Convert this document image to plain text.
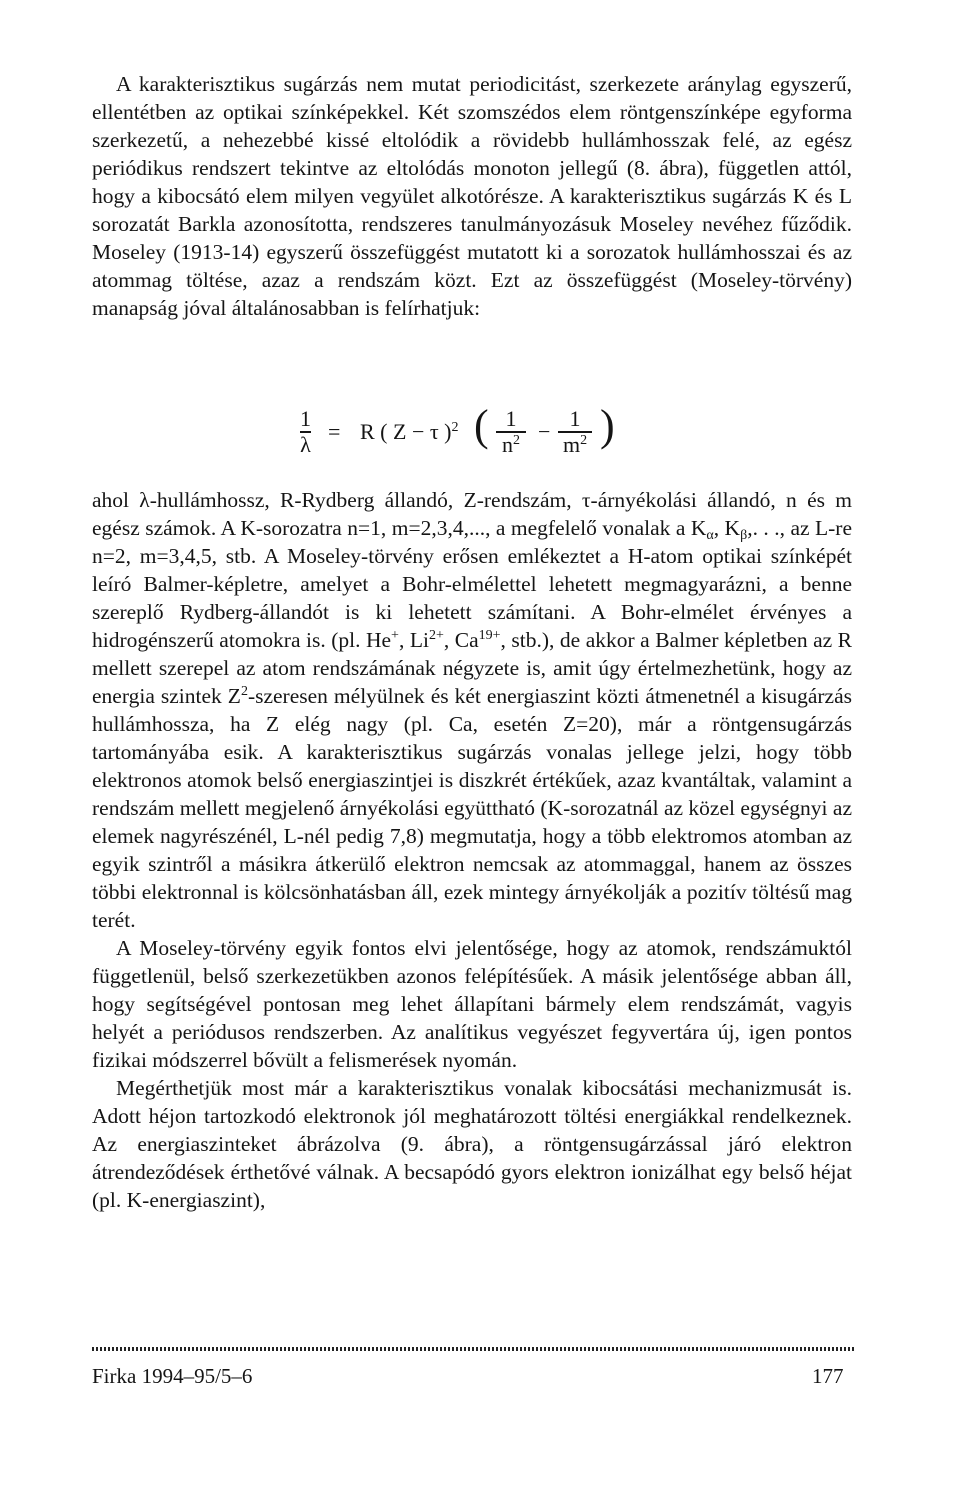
A karakterisztikus sugárzás nem mutat periodicitást, szerkezete aránylag egyszerű, ellentétben az optikai színképekkel. Két szomszédos elem röntgenszínképe egyforma szerkezetű, a nehezebbé kissé eltolódik a rövidebb hullámhosszak felé, az egész periódikus rendszert tekintve az eltolódás monoton jellegű (8. ábra), független attól, hogy a kibocsátó elem milyen vegyület alkotórésze. A karakterisztikus sugárzás K és L sorozatát Barkla azonosította, rendszeres tanulmányozásuk Moseley nevéhez fűződik. Moseley (1913-14) egyszerű összefüggést mutatott ki a sorozatok hullámhosszai és az atommag töltése, azaz a rendszám közt. Ezt az összefüggést (Moseley-törvény) manapság jóval általánosabban is felírhatjuk:

1
λ = R ( Z − τ )$^2$ ( 1
$n^2$ −
1
$m^2$ )

ahol λ-hullámhossz, R-Rydberg állandó, Z-rendszám, τ-árnyékolási állandó, n és m egész számok. A K-sorozatra n=1, m=2,3,4,..., a megfelelő vonalak a $K_\alpha$, $K_\beta$,. . ., az L-re n=2, m=3,4,5, stb. A Moseley-törvény erősen emlékeztet a H-atom optikai színképét leíró Balmer-képletre, amelyet a Bohr-elmélettel lehetett megmagyarázni, a benne szereplő Rydberg-állandót is ki lehetett számítani. A Bohr-elmélet érvényes a hidrogénszerű atomokra is. (pl. He+, $Li^{2+}$, $Ca^{19+}$, stb.), de akkor a Balmer képletben az R mellett szerepel az atom rendszámának négyzete is, amit úgy értelmezhetünk, hogy az energia szintek $Z^2$-szeresen mélyülnek és két energiaszint közti átmenetnél a kisugárzás hullámhossza, ha Z elég nagy (pl. Ca, esetén Z=20), már a röntgensugárzás tartományába esik. A karakterisztikus sugárzás vonalas jellege jelzi, hogy több elektronos atomok belső energiaszintjei is diszkrét értékűek, azaz kvantáltak, valamint a rendszám mellett megjelenő árnyékolási együttható (K-sorozatnál az közel egységnyi az elemek nagyrészénél, L-nél pedig 7,8) megmutatja, hogy a több elektromos atomban az egyik szintről a másikra átkerülő elektron nemcsak az atommaggal, hanem az összes többi elektronnal is kölcsönhatásban áll, ezek mintegy árnyékolják a pozitív töltésű mag terét.

A Moseley-törvény egyik fontos elvi jelentősége, hogy az atomok, rendszámuktól függetlenül, belső szerkezetükben azonos felépítésűek. A másik jelentősége abban áll, hogy segítségével pontosan meg lehet állapítani bármely elem rendszámát, vagyis helyét a periódusos rendszerben. Az analítikus vegyészet fegyvertára új, igen pontos fizikai módszerrel bővült a felismerések nyomán.

Megérthetjük most már a karakterisztikus vonalak kibocsátási mechanizmusát is. Adott héjon tartozkodó elektronok jól meghatározott töltési energiákkal rendelkeznek. Az energiaszinteket ábrázolva (9. ábra), a röntgensugárzással járó elektron átrendeződések érthetővé válnak. A becsapódó gyors elektron ionizálhat egy belső héjat (pl. K-energiaszint),

Firka 1994–95/5–6	177
